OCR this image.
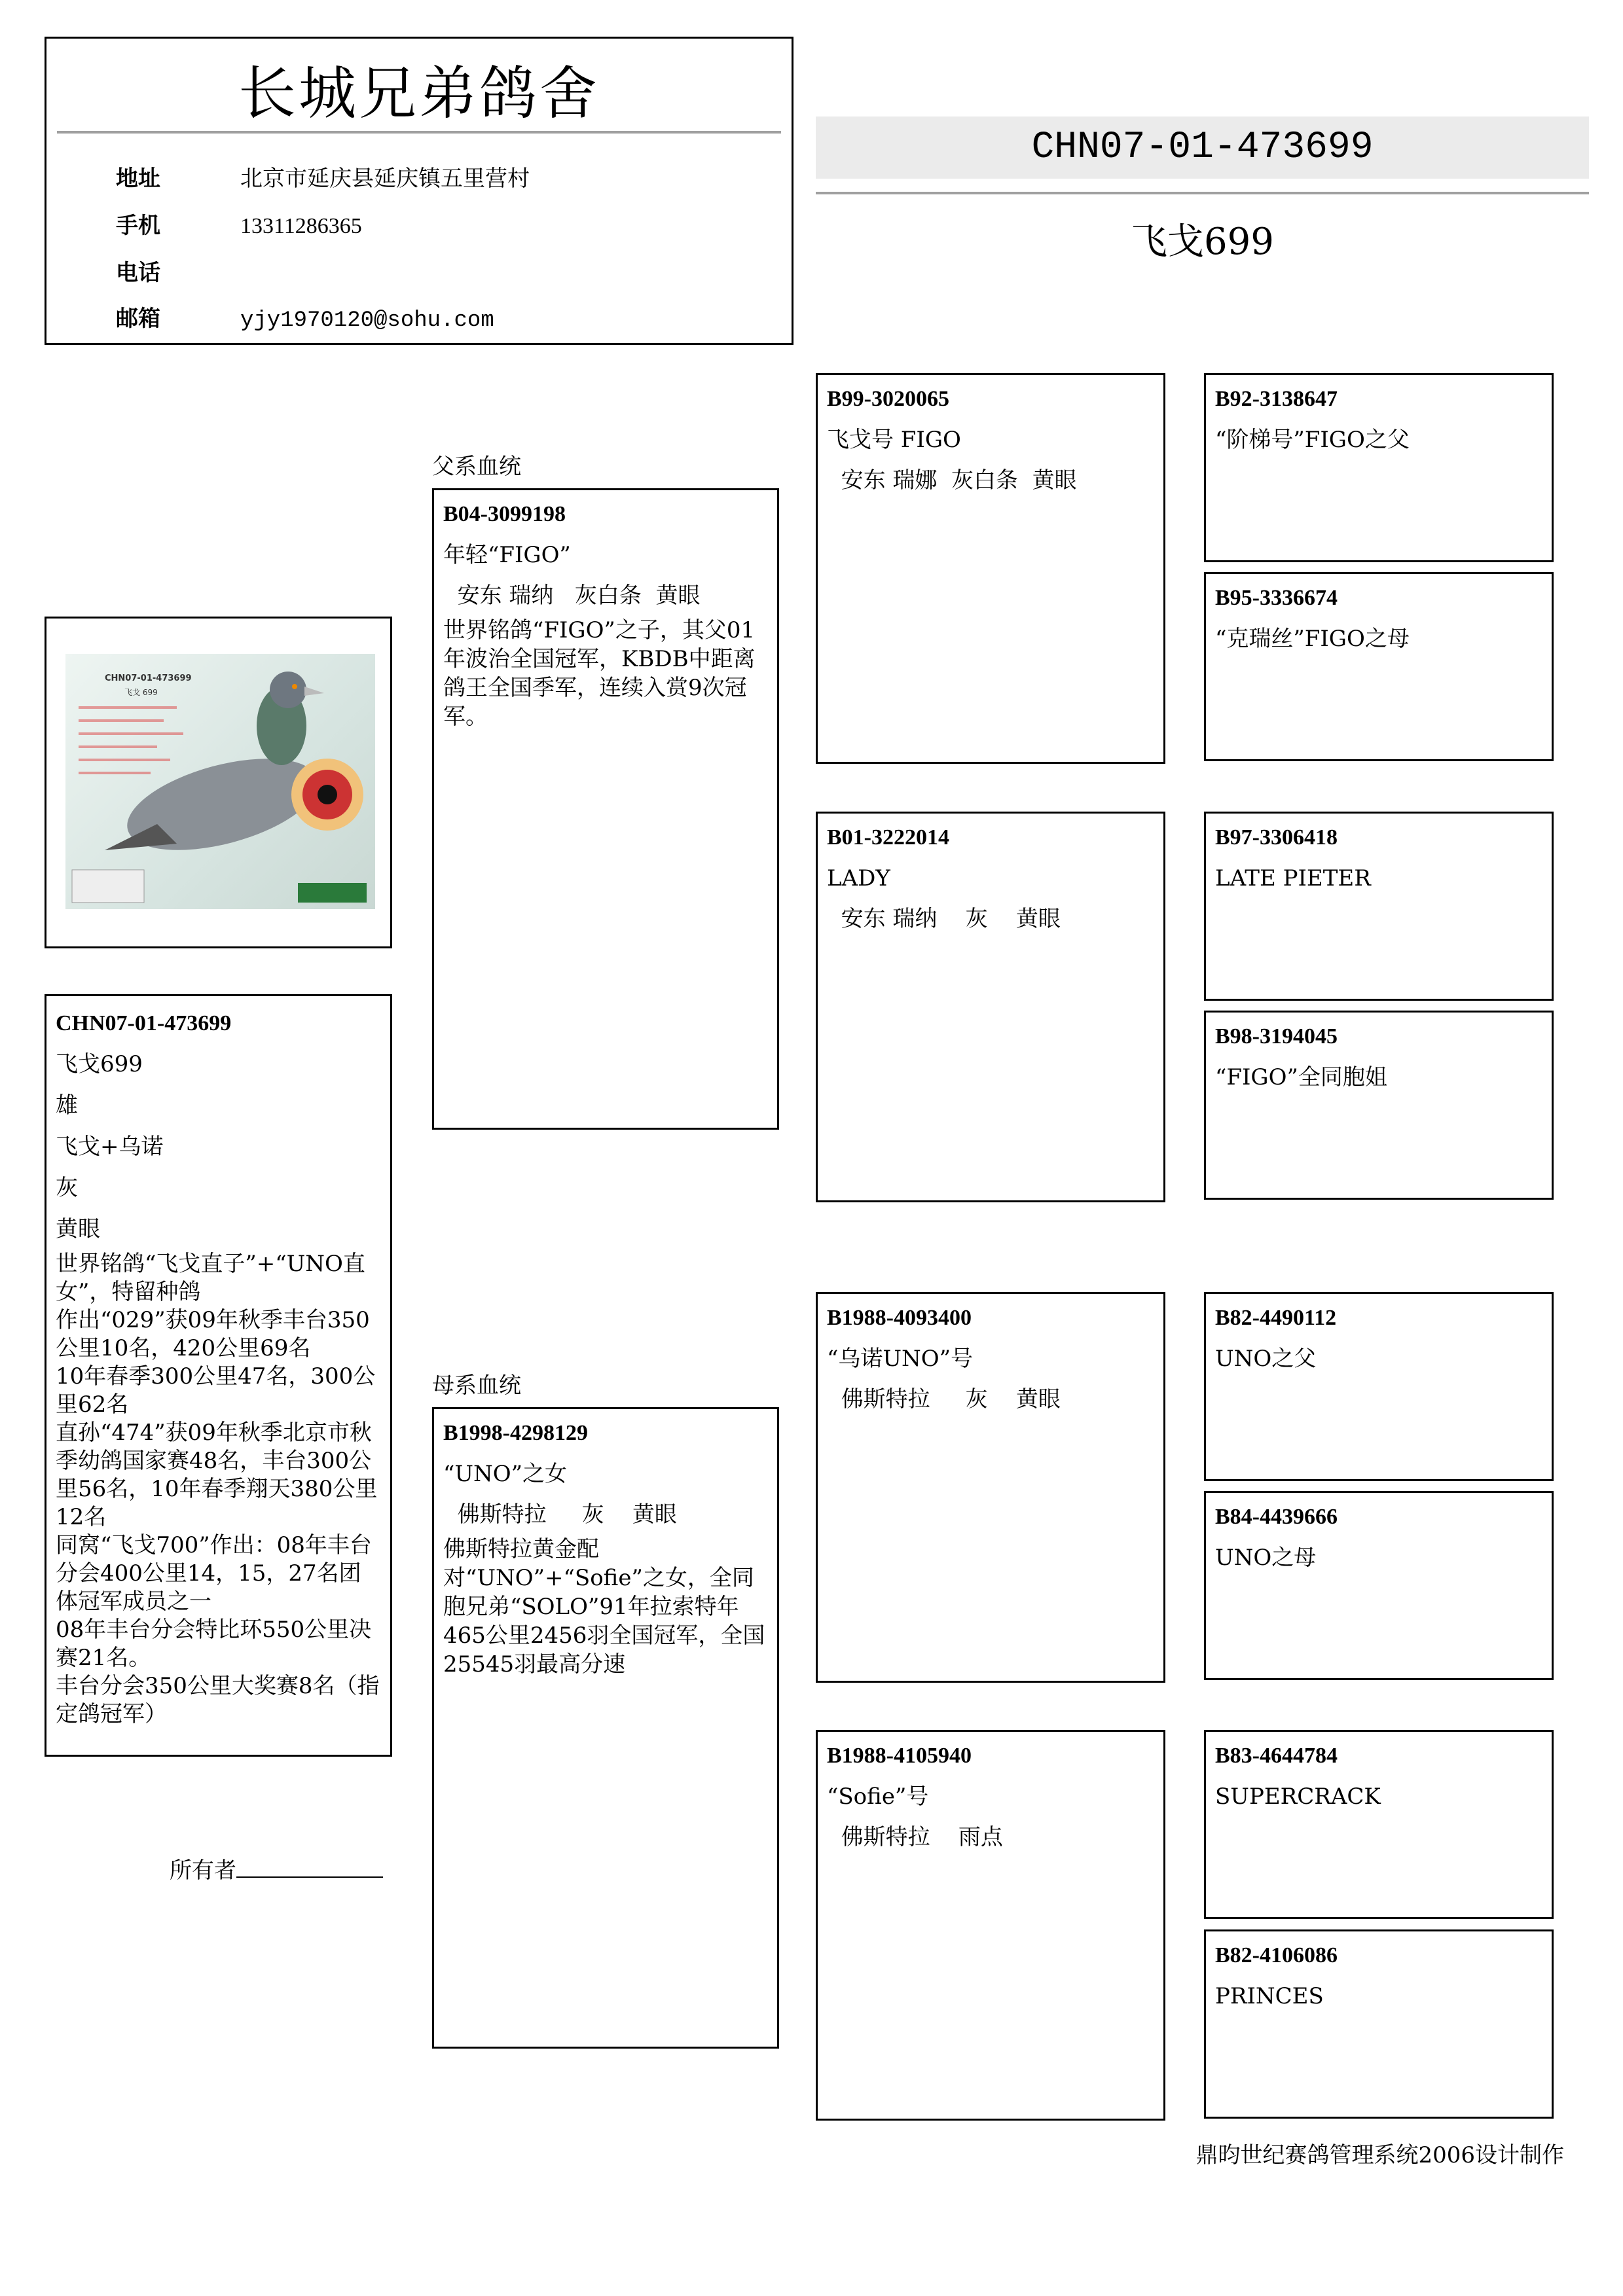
长城兄弟鸽舍
地址	北京市延庆县延庆镇五里营村
手机	13311286365
电话
邮箱	yjy1970120@sohu.com
CHN07-01-473699
飞戈699
CHN07-01-473699
飞戈 699
CHN07-01-473699
飞戈699
雄
飞戈+乌诺
灰
黄眼
世界铭鸽“飞戈直子”+“UNO直女”，特留种鸽
作出“029”获09年秋季丰台350公里10名，420公里69名
10年春季300公里47名，300公里62名
直孙“474”获09年秋季北京市秋季幼鸽国家赛48名，丰台300公里56名，10年春季翔天380公里12名
同窝“飞戈700”作出：08年丰台分会400公里14，15，27名团体冠军成员之一
08年丰台分会特比环550公里决赛21名。
丰台分会350公里大奖赛8名（指定鸽冠军）
所有者
父系血统
B04-3099198
年轻“FIGO”
安东 瑞纳   灰白条  黄眼
世界铭鸽“FIGO”之子，其父01年波治全国冠军，KBDB中距离鸽王全国季军，连续入赏9次冠军。
母系血统
B1998-4298129
“UNO”之女
佛斯特拉     灰    黄眼
佛斯特拉黄金配对“UNO”+“Sofie”之女，全同胞兄弟“SOLO”91年拉索特年465公里2456羽全国冠军，全国25545羽最高分速
B99-3020065
飞戈号 FIGO
安东 瑞娜  灰白条  黄眼
B01-3222014
LADY
安东 瑞纳    灰    黄眼
B1988-4093400
“乌诺UNO”号
佛斯特拉     灰    黄眼
B1988-4105940
“Sofie”号
佛斯特拉    雨点
B92-3138647
“阶梯号”FIGO之父
B95-3336674
“克瑞丝”FIGO之母
B97-3306418
LATE PIETER
B98-3194045
“FIGO”全同胞姐
B82-4490112
UNO之父
B84-4439666
UNO之母
B83-4644784
SUPERCRACK
B82-4106086
PRINCES
鼎昀世纪赛鸽管理系统2006设计制作
